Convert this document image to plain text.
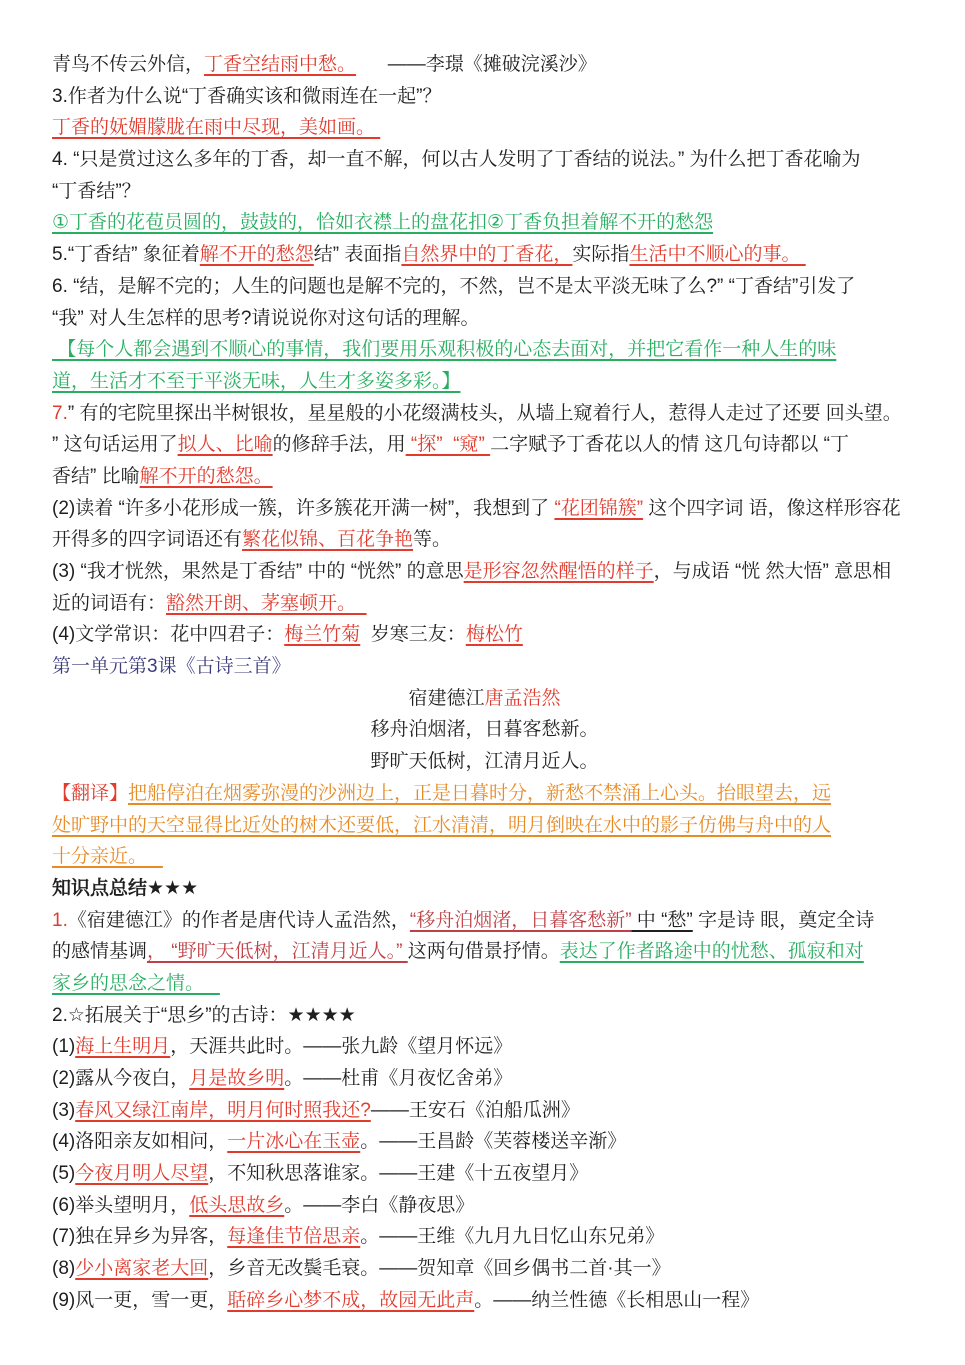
青鸟不传云外信，丁香空结雨中愁。      ——李璟《摊破浣溪沙》
3.作者为什么说“丁香确实该和微雨连在一起”？
丁香的妩媚朦胧在雨中尽现，美如画。
4. “只是赏过这么多年的丁香，却一直不解，何以古人发明了丁香结的说法。” 为什么把丁香花喻为
“丁香结”？
①丁香的花苞员圆的，鼓鼓的，恰如衣襟上的盘花扣②丁香负担着解不开的愁怨
5.“丁香结” 象征着解不开的愁怨结” 表面指自然界中的丁香花，实际指生活中不顺心的事。
6. “结，是解不完的；人生的问题也是解不完的，不然，岂不是太平淡无味了么?” “丁香结”引发了
“我” 对人生怎样的思考?请说说你对这句话的理解。
【每个人都会遇到不顺心的事情，我们要用乐观积极的心态去面对，并把它看作一种人生的味
道，生活才不至于平淡无味，人生才多姿多彩。】
7.” 有的宅院里探出半树银妆，星星般的小花缀满枝头，从墙上窥着行人，惹得人走过了还要 回头望。
” 这句话运用了拟人、比喻的修辞手法，用 “探”  “窥” 二字赋予丁香花以人的情 这几句诗都以 “丁
香结” 比喻解不开的愁怨。
(2)读着 “许多小花形成一簇，许多簇花开满一树”，我想到了 “花团锦簇” 这个四字词 语，像这样形容花
开得多的四字词语还有繁花似锦、百花争艳等。
(3) “我才恍然，果然是丁香结” 中的 “恍然” 的意思是形容忽然醒悟的样子，与成语 “恍 然大悟” 意思相
近的词语有：豁然开朗、茅塞顿开。
(4)文学常识：花中四君子：梅兰竹菊  岁寒三友：梅松竹
第一单元第3课《古诗三首》
宿建德江唐孟浩然
移舟泊烟渚，日暮客愁新。
野旷天低树，江清月近人。
【翻译】把船停泊在烟雾弥漫的沙洲边上，正是日暮时分，新愁不禁涌上心头。抬眼望去，远
处旷野中的天空显得比近处的树木还要低，江水清清，明月倒映在水中的影子仿佛与舟中的人
十分亲近。
知识点总结★★★
1.《宿建德江》的作者是唐代诗人孟浩然，“移舟泊烟渚，日暮客愁新” 中 “愁” 字是诗 眼，奠定全诗
的感情基调， “野旷天低树，江清月近人。” 这两句借景抒情。表达了作者路途中的忧愁、孤寂和对
家乡的思念之情。
2.☆拓展关于“思乡”的古诗：★★★★
(1)海上生明月，天涯共此时。——张九龄《望月怀远》
(2)露从今夜白，月是故乡明。——杜甫《月夜忆舍弟》
(3)春风又绿江南岸，明月何时照我还?——王安石《泊船瓜洲》
(4)洛阳亲友如相问，一片冰心在玉壶。——王昌龄《芙蓉楼送辛渐》
(5)今夜月明人尽望，不知秋思落谁家。——王建《十五夜望月》
(6)举头望明月，低头思故乡。——李白《静夜思》
(7)独在异乡为异客，每逢佳节倍思亲。——王维《九月九日忆山东兄弟》
(8)少小离家老大回，乡音无改鬓毛衰。——贺知章《回乡偶书二首·其一》
(9)风一更，雪一更，聒碎乡心梦不成，故园无此声。——纳兰性德《长相思山一程》
